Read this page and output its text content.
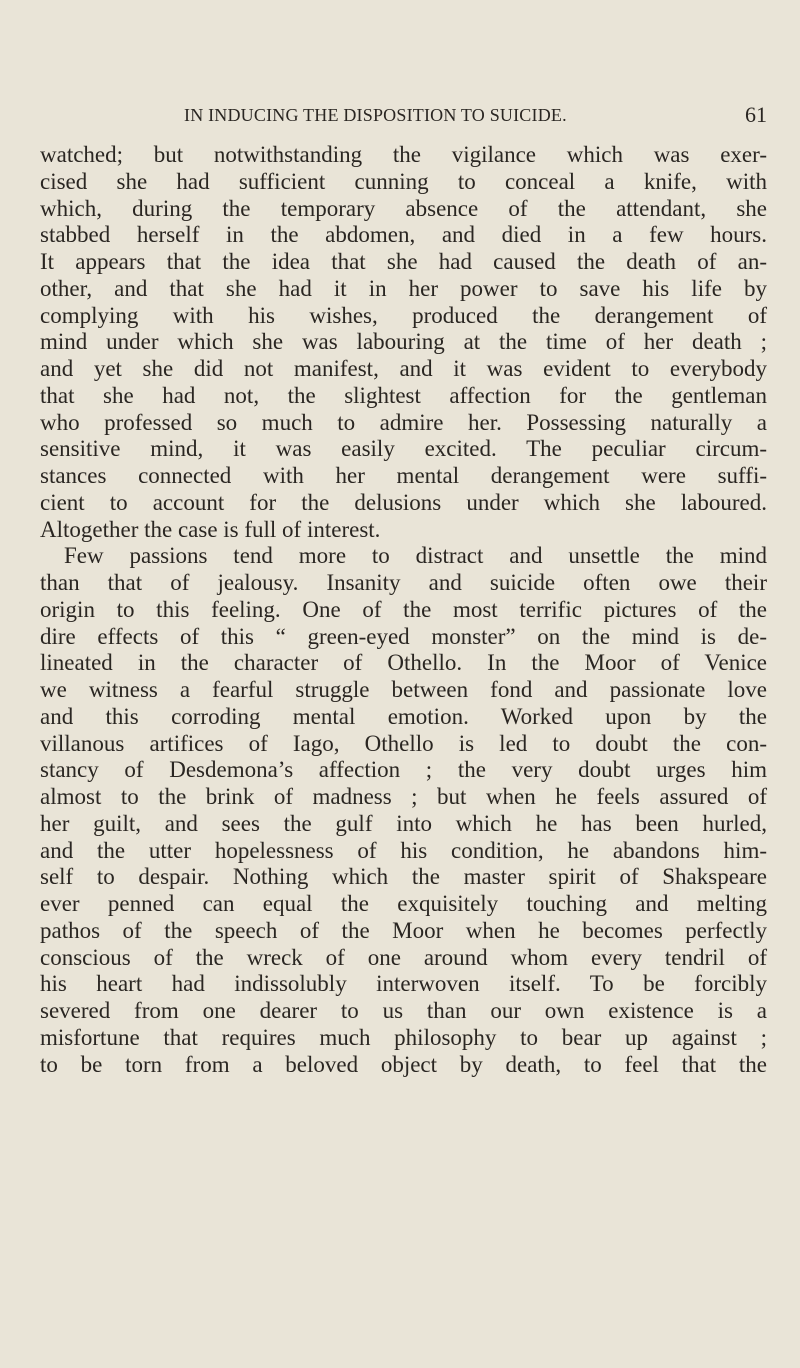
IN INDUCING THE DISPOSITION TO SUICIDE.	61
watched; but notwithstanding the vigilance which was exer-
cised she had sufficient cunning to conceal a knife, with
which, during the temporary absence of the attendant, she
stabbed herself in the abdomen, and died in a few hours.
It appears that the idea that she had caused the death of an-
other, and that she had it in her power to save his life by
complying with his wishes, produced the derangement of
mind under which she was labouring at the time of her death ;
and yet she did not manifest, and it was evident to everybody
that she had not, the slightest affection for the gentleman
who professed so much to admire her. Possessing naturally a
sensitive mind, it was easily excited. The peculiar circum-
stances connected with her mental derangement were suffi-
cient to account for the delusions under which she laboured.
Altogether the case is full of interest.
Few passions tend more to distract and unsettle the mind
than that of jealousy. Insanity and suicide often owe their
origin to this feeling. One of the most terrific pictures of the
dire effects of this “ green-eyed monster” on the mind is de-
lineated in the character of Othello. In the Moor of Venice
we witness a fearful struggle between fond and passionate love
and this corroding mental emotion. Worked upon by the
villanous artifices of Iago, Othello is led to doubt the con-
stancy of Desdemona’s affection ; the very doubt urges him
almost to the brink of madness ; but when he feels assured of
her guilt, and sees the gulf into which he has been hurled,
and the utter hopelessness of his condition, he abandons him-
self to despair. Nothing which the master spirit of Shakspeare
ever penned can equal the exquisitely touching and melting
pathos of the speech of the Moor when he becomes perfectly
conscious of the wreck of one around whom every tendril of
his heart had indissolubly interwoven itself. To be forcibly
severed from one dearer to us than our own existence is a
misfortune that requires much philosophy to bear up against ;
to be torn from a beloved object by death, to feel that the
